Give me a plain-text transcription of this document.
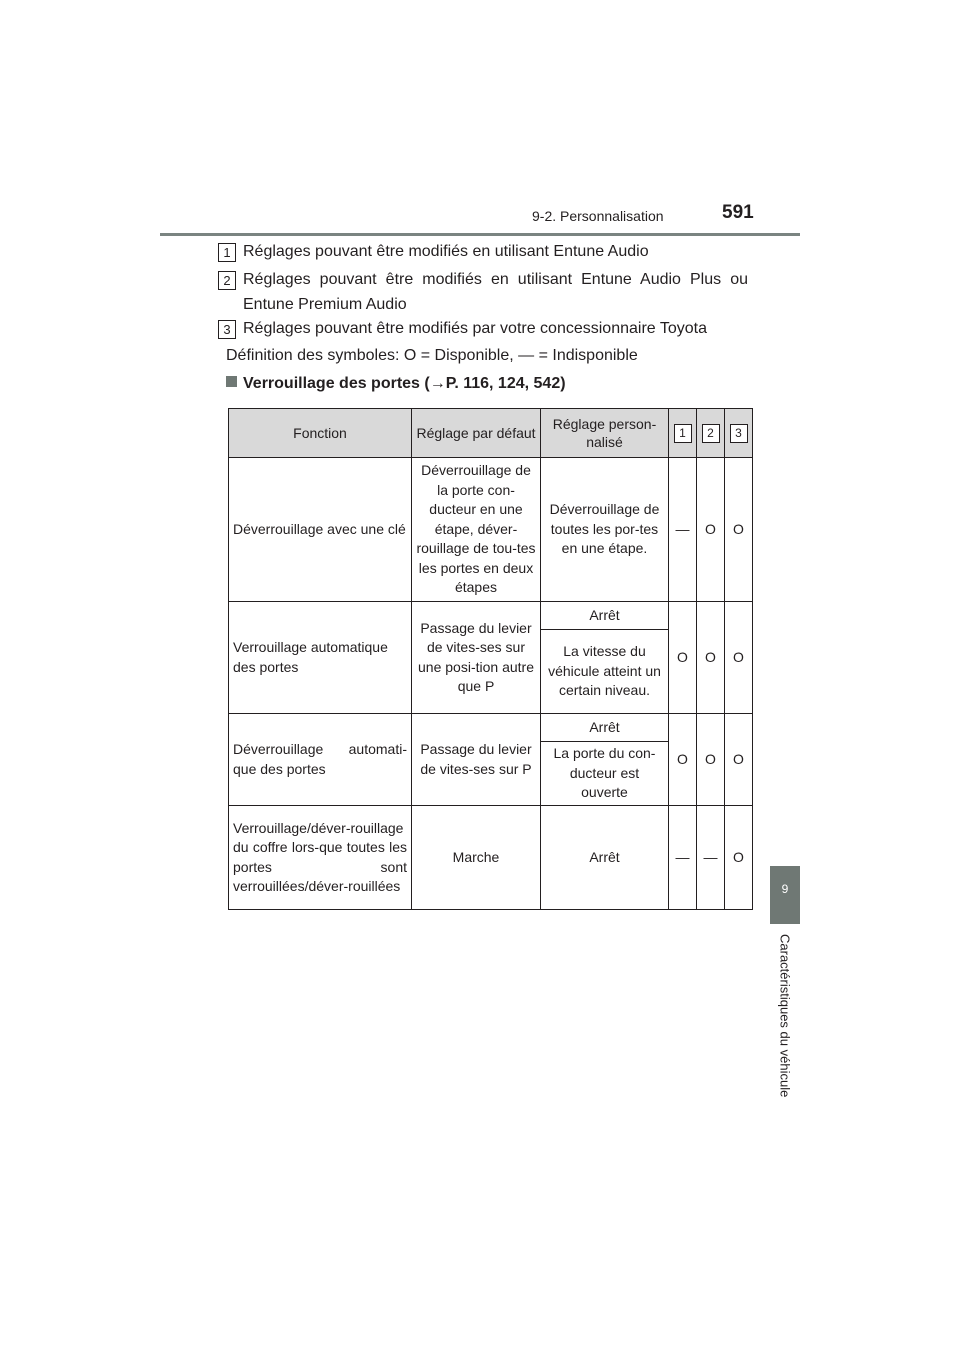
9-2. Personnalisation	591
9
Caractéristiques du véhicule
1 Réglages pouvant être modifiés en utilisant Entune Audio
2 Réglages pouvant être modifiés en utilisant Entune Audio Plus ou Entune Premium Audio
3 Réglages pouvant être modifiés par votre concessionnaire Toyota
Définition des symboles: O = Disponible, — = Indisponible
Verrouillage des portes (→P. 116, 124, 542)
Fonction	Réglage par défaut	Réglage person-nalisé	1	2	3
Déverrouillage avec une clé	Déverrouillage de la porte con-ducteur en une étape, déver-rouillage de tou-tes les portes en deux étapes	Déverrouillage de toutes les por-tes en une étape.	—	O	O
Verrouillage automatique des portes	Passage du levier de vites-ses sur une posi-tion autre que P	Arrêt	O	O	O
		La vitesse du véhicule atteint un certain niveau.			
Déverrouillage automati-que des portes	Passage du levier de vites-ses sur P	Arrêt	O	O	O
		La porte du con-ducteur est ouverte			
Verrouillage/déver-rouillage du coffre lors-que toutes les portes sont verrouillées/déver-rouillées	Marche	Arrêt	—	—	O
